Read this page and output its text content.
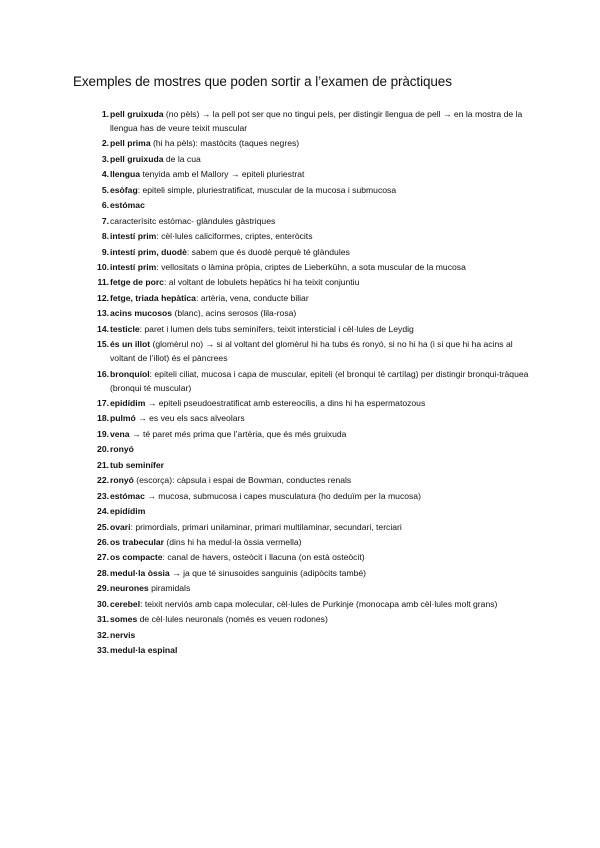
Exemples de mostres que poden sortir a l’examen de pràctiques
1. pell gruixuda (no pèls) → la pell pot ser que no tingui pels, per distingir llengua de pell → en la mostra de la llengua has de veure teixit muscular
2. pell prima (hi ha pèls): mastòcits (taques negres)
3. pell gruixuda de la cua
4. llengua tenyida amb el Mallory → epiteli pluriestrat
5. esòfag: epiteli simple, pluriestratificat, muscular de la mucosa i submucosa
6. estómac
7. caracterísitc estómac- glàndules gàstriques
8. intestí prim: cèl·lules caliciformes, criptes, enteròcits
9. intestí prim, duodè: sabem que és duodè perquè té glàndules
10. intestí prim: vellositats o làmina pròpia, criptes de Lieberkühn, a sota muscular de la mucosa
11. fetge de porc: al voltant de lobulets hepàtics hi ha teixit conjuntiu
12. fetge, triada hepàtica: artèria, vena, conducte biliar
13. acins mucosos (blanc), acins serosos (lila-rosa)
14. testicle: paret i lumen dels tubs seminífers, teixit intersticial i cèl·lules de Leydig
15. és un illot (glomèrul no) → si al voltant del glomèrul hi ha tubs és ronyó, si no hi ha (i si que hi ha acins al voltant de l’illot) és el pàncrees
16. bronquíol: epiteli ciliat, mucosa i capa de muscular, epiteli (el bronqui té cartílag) per distingir bronqui-tràquea (bronqui té muscular)
17. epidídim → epiteli pseudoestratificat amb estereocilis, a dins hi ha espermatozous
18. pulmó → es veu els sacs alveolars
19. vena → té paret més prima que l’artèria, que és més gruixuda
20. ronyó
21. tub seminífer
22. ronyó (escorça): càpsula i espai de Bowman, conductes renals
23. estómac → mucosa, submucosa i capes musculatura (ho deduïm per la mucosa)
24. epidídim
25. ovari: primordials, primari unilaminar, primari multilaminar, secundari, terciari
26. os trabecular (dins hi ha medul·la òssia vermella)
27. os compacte: canal de havers, osteòcit i llacuna (on està osteòcit)
28. medul·la òssia → ja que té sinusoides sanguinis (adipòcits també)
29. neurones piramidals
30. cerebel: teixit nerviós amb capa molecular, cèl·lules de Purkinje (monocapa amb cèl·lules molt grans)
31. somes de cèl·lules neuronals (només es veuen rodones)
32. nervis
33. medul·la espinal
